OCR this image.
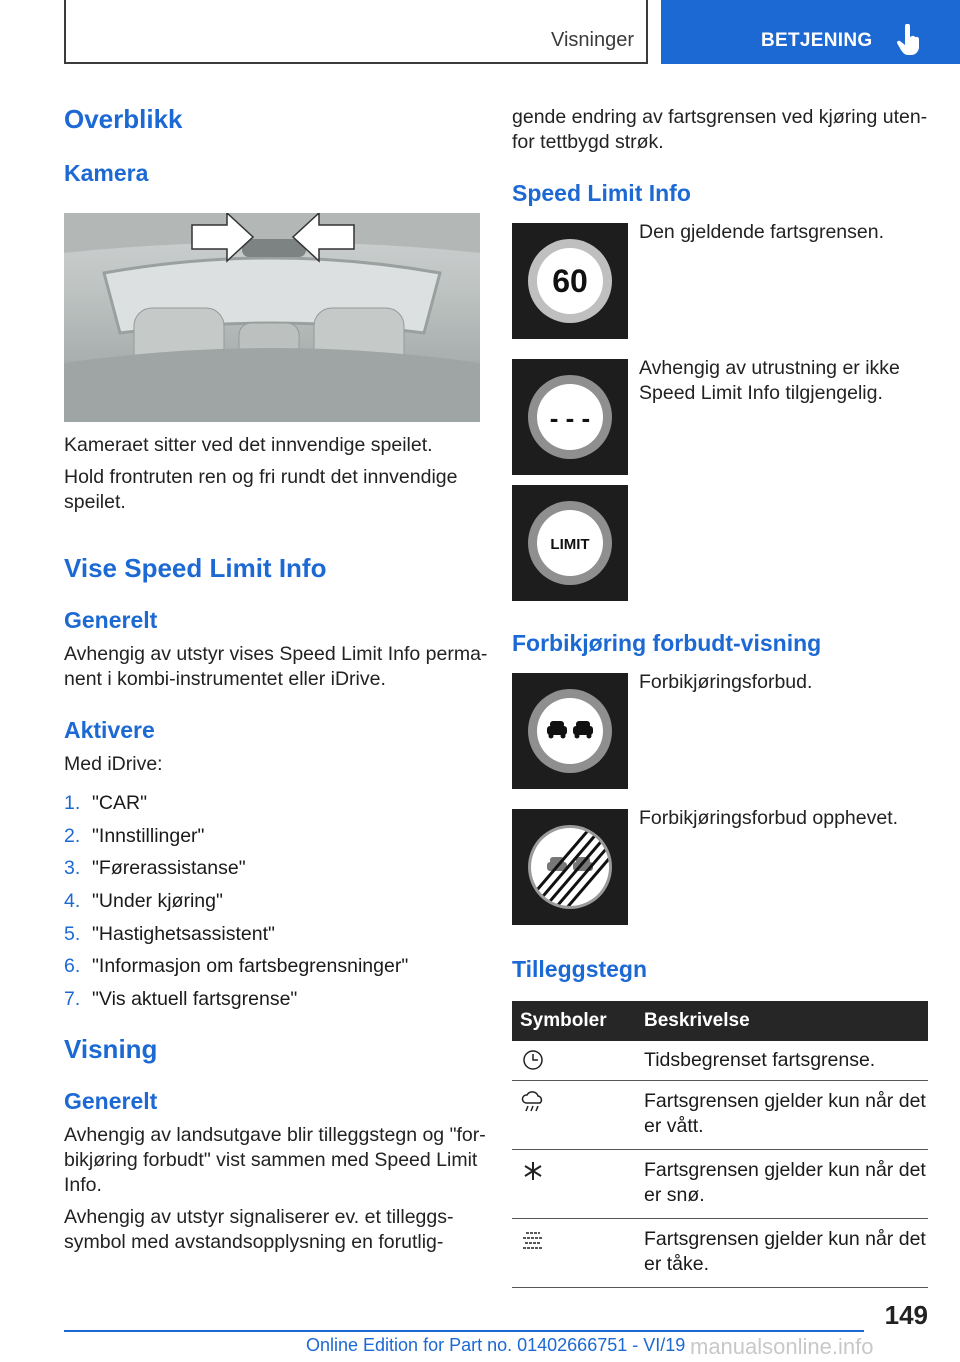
Visninger	BETJENING
Overblikk
Kamera
Kameraet sitter ved det innvendige speilet.
Hold frontruten ren og fri rundt det innvendige
speilet.
Vise Speed Limit Info
Generelt
Avhengig av utstyr vises Speed Limit Info perma-
nent i kombi-instrumentet eller iDrive.
Aktivere
Med iDrive:
1. "CAR"
2. "Innstillinger"
3. "Førerassistanse"
4. "Under kjøring"
5. "Hastighetsassistent"
6. "Informasjon om fartsbegrensninger"
7. "Vis aktuell fartsgrense"
Visning
Generelt
Avhengig av landsutgave blir tilleggstegn og "for-
bikjøring forbudt" vist sammen med Speed Limit
Info.
Avhengig av utstyr signaliserer ev. et tilleggs-
symbol med avstandsopplysning en forutlig-
gende endring av fartsgrensen ved kjøring uten-
for tettbygd strøk.
Speed Limit Info
60
Den gjeldende fartsgrensen.
- - -
Avhengig av utrustning er ikke
Speed Limit Info tilgjengelig.
LIMIT
Forbikjøring forbudt-visning
Forbikjøringsforbud.
Forbikjøringsforbud opphevet.
Tilleggstegn
Symboler	Beskrivelse
	Tidsbegrenset fartsgrense.

Fartsgrensen gjelder kun når det
er vått.

Fartsgrensen gjelder kun når det
er snø.

Fartsgrensen gjelder kun når det
er tåke.
149
Online Edition for Part no. 01402666751 - VI/19 manualsonline.info
